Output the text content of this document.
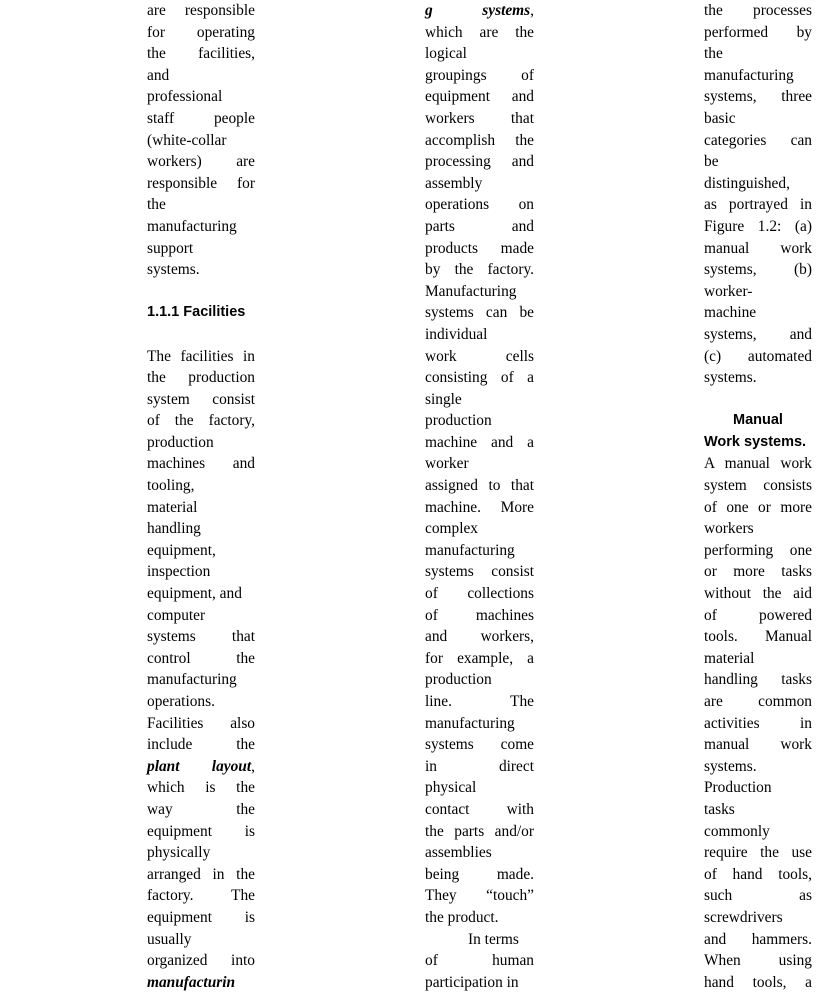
are responsible
for operating
the facilities,
and
professional
staff people
(white-collar
workers) are
responsible for
the
manufacturing
support
systems.

1.1.1 Facilities

The facilities in
the production
system consist
of the factory,
production
machines and
tooling,
material
handling
equipment,
inspection
equipment, and
computer
systems that
control the
manufacturing
operations.
Facilities also
include the
plant       layout,
which is the
way the
equipment is
physically
arranged in the
factory. The
equipment is
usually
organized into
manufacturin

g            systems,
which are the
logical
groupings of
equipment and
workers that
accomplish the
processing and
assembly
operations on
parts and
products made
by the factory.
Manufacturing
systems can be
individual
work cells
consisting of a
single
production
machine and a
worker
assigned to that
machine. More
complex
manufacturing
systems consist
of collections
of machines
and workers,
for example, a
production
line. The
manufacturing
systems come
in direct
physical
contact with
the parts and/or
assemblies
being made.
They “touch”
the product.
In terms
of human
participation in

the processes
performed by
the
manufacturing
systems, three
basic
categories can
be
distinguished,
as portrayed in
Figure 1.2: (a)
manual work
systems, (b)
worker-
machine
systems, and
(c) automated
systems.

Manual
Work systems.

A manual work
system consists
of one or more
workers
performing one
or more tasks
without the aid
of powered
tools. Manual
material
handling tasks
are common
activities in
manual work
systems.
Production
tasks
commonly
require the use
of hand tools,
such as
screwdrivers
and hammers.
When using
hand tools, a
